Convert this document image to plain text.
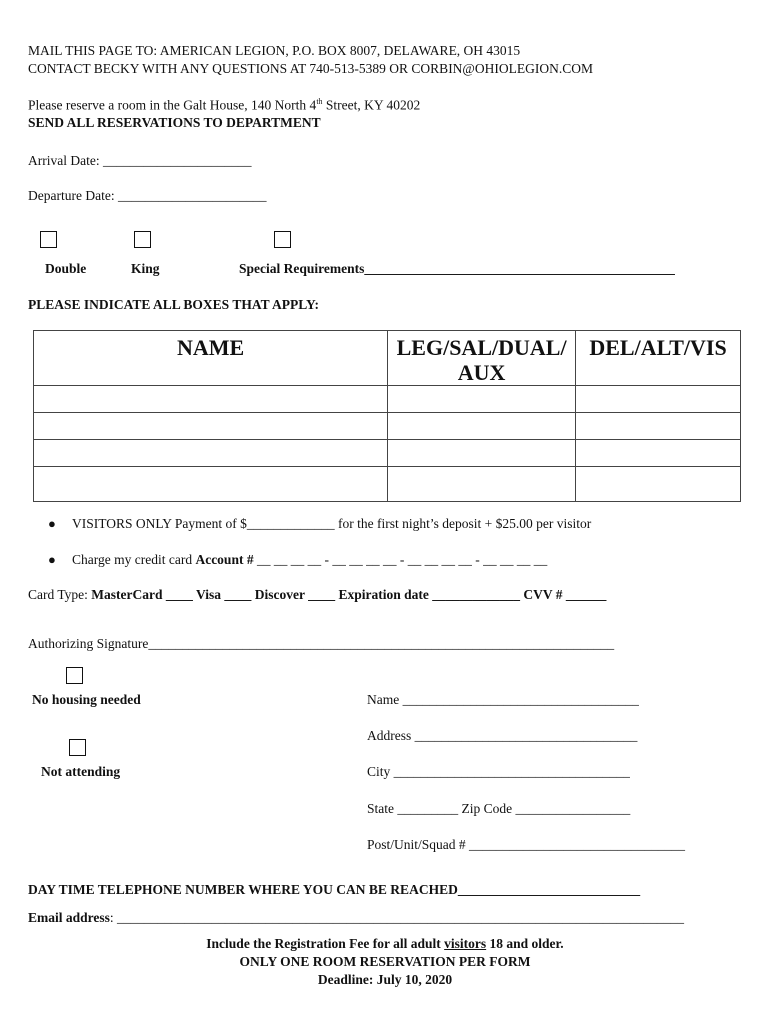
MAIL THIS PAGE TO: AMERICAN LEGION, P.O. BOX 8007, DELAWARE, OH 43015
CONTACT BECKY WITH ANY QUESTIONS AT 740-513-5389 OR CORBIN@OHIOLEGION.COM
Please reserve a room in the Galt House, 140 North 4th Street, KY 40202
SEND ALL RESERVATIONS TO DEPARTMENT
Arrival Date: ______________________
Departure Date: ______________________
Double	King	Special Requirements______________________________________________
PLEASE INDICATE ALL BOXES THAT APPLY:
NAME	LEG/SAL/DUAL/ AUX	DEL/ALT/VIS

● VISITORS ONLY Payment of $_____________ for the first night’s deposit + $25.00 per visitor
● Charge my credit card Account # __ __ __ __ - __ __ __ __ - __ __ __ __ - __ __ __ __
Card Type: MasterCard ____ Visa ____ Discover ____ Expiration date _____________ CVV # ______
Authorizing Signature_____________________________________________________________________
No housing needed
Not attending
Name ___________________________________
Address _________________________________
City ___________________________________
State _________ Zip Code _________________
Post/Unit/Squad # ________________________________
DAY TIME TELEPHONE NUMBER WHERE YOU CAN BE REACHED___________________________
Email address: ____________________________________________________________________________________
Include the Registration Fee for all adult visitors 18 and older.
ONLY ONE ROOM RESERVATION PER FORM
Deadline: July 10, 2020
